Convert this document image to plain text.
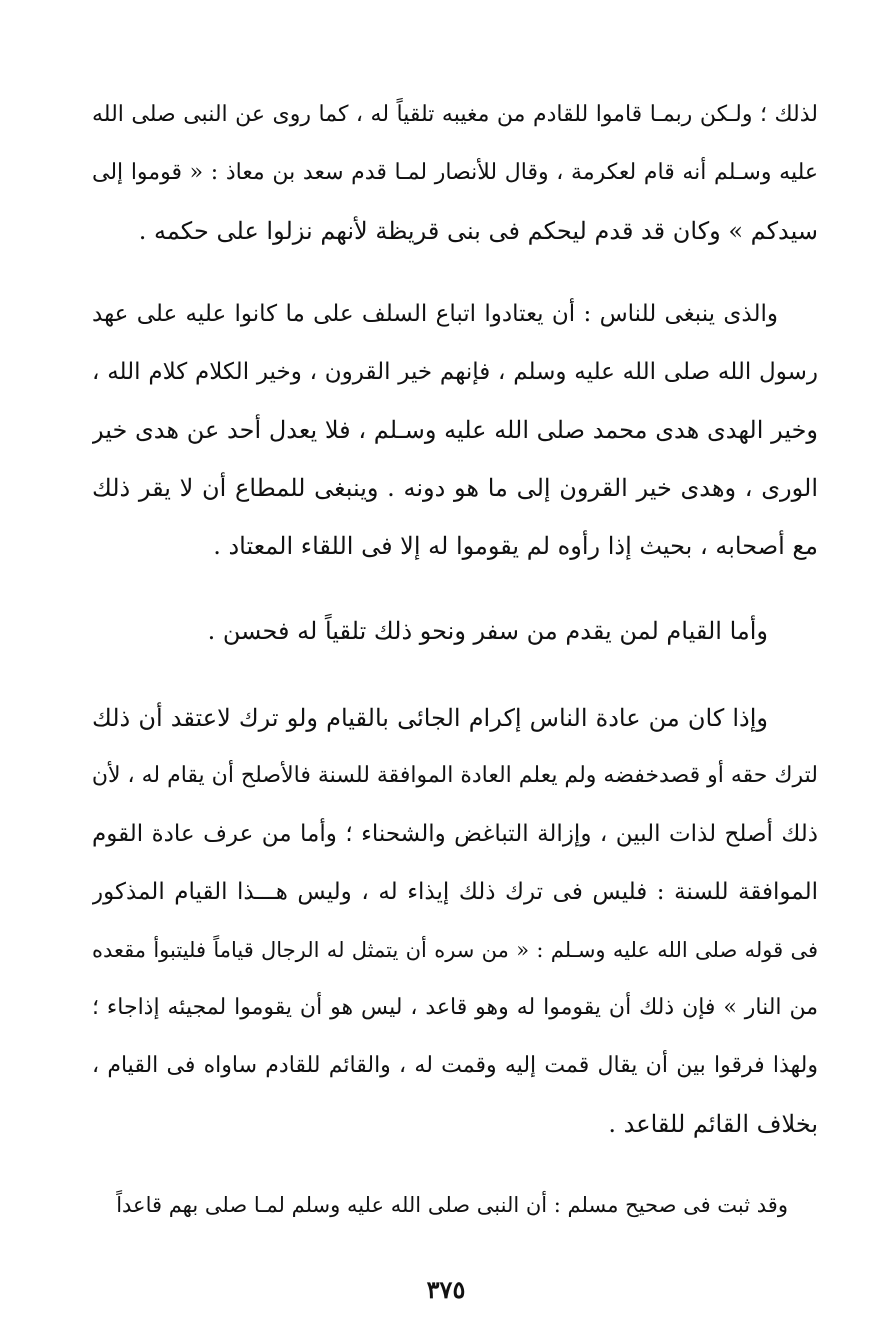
لذلك ؛ ولـكن ربمـا قاموا للقادم من مغيبه تلقياً له ، كما روى عن النبى صلى الله
عليه وسـلم أنه قام لعكرمة ، وقال للأنصار لمـا قدم سعد بن معاذ : « قوموا إلى
سيدكم » وكان قد قدم ليحكم فى بنى قريظة لأنهم نزلوا على حكمه .
والذى ينبغى للناس : أن يعتادوا اتباع السلف على ما كانوا عليه على عهد
رسول الله صلى الله عليه وسلم ، فإنهم خير القرون ، وخير الكلام كلام الله ،
وخير الهدى هدى محمد صلى الله عليه وسـلم ، فلا يعدل أحد عن هدى خير
الورى ، وهدى خير القرون إلى ما هو دونه . وينبغى للمطاع أن لا يقر ذلك
مع أصحابه ، بحيث إذا رأوه لم يقوموا له إلا فى اللقاء المعتاد .
وأما القيام لمن يقدم من سفر ونحو ذلك تلقياً له فحسن .
وإذا كان من عادة الناس إكرام الجائى بالقيام ولو ترك لاعتقد أن ذلك
لترك حقه أو قصدخفضه ولم يعلم العادة الموافقة للسنة فالأصلح أن يقام له ، لأن
ذلك أصلح لذات البين ، وإزالة التباغض والشحناء ؛ وأما من عرف عادة القوم
الموافقة للسنة : فليس فى ترك ذلك إيذاء له ، وليس هـــذا القيام المذكور
فى قوله صلى الله عليه وسـلم : « من سره أن يتمثل له الرجال قياماً فليتبوأ مقعده
من النار » فإن ذلك أن يقوموا له وهو قاعد ، ليس هو أن يقوموا لمجيئه إذاجاء ؛
ولهذا فرقوا بين أن يقال قمت إليه وقمت له ، والقائم للقادم ساواه فى القيام ،
بخلاف القائم للقاعد .
وقد ثبت فى صحيح مسلم : أن النبى صلى الله عليه وسلم لمـا صلى بهم قاعداً
٣٧٥
